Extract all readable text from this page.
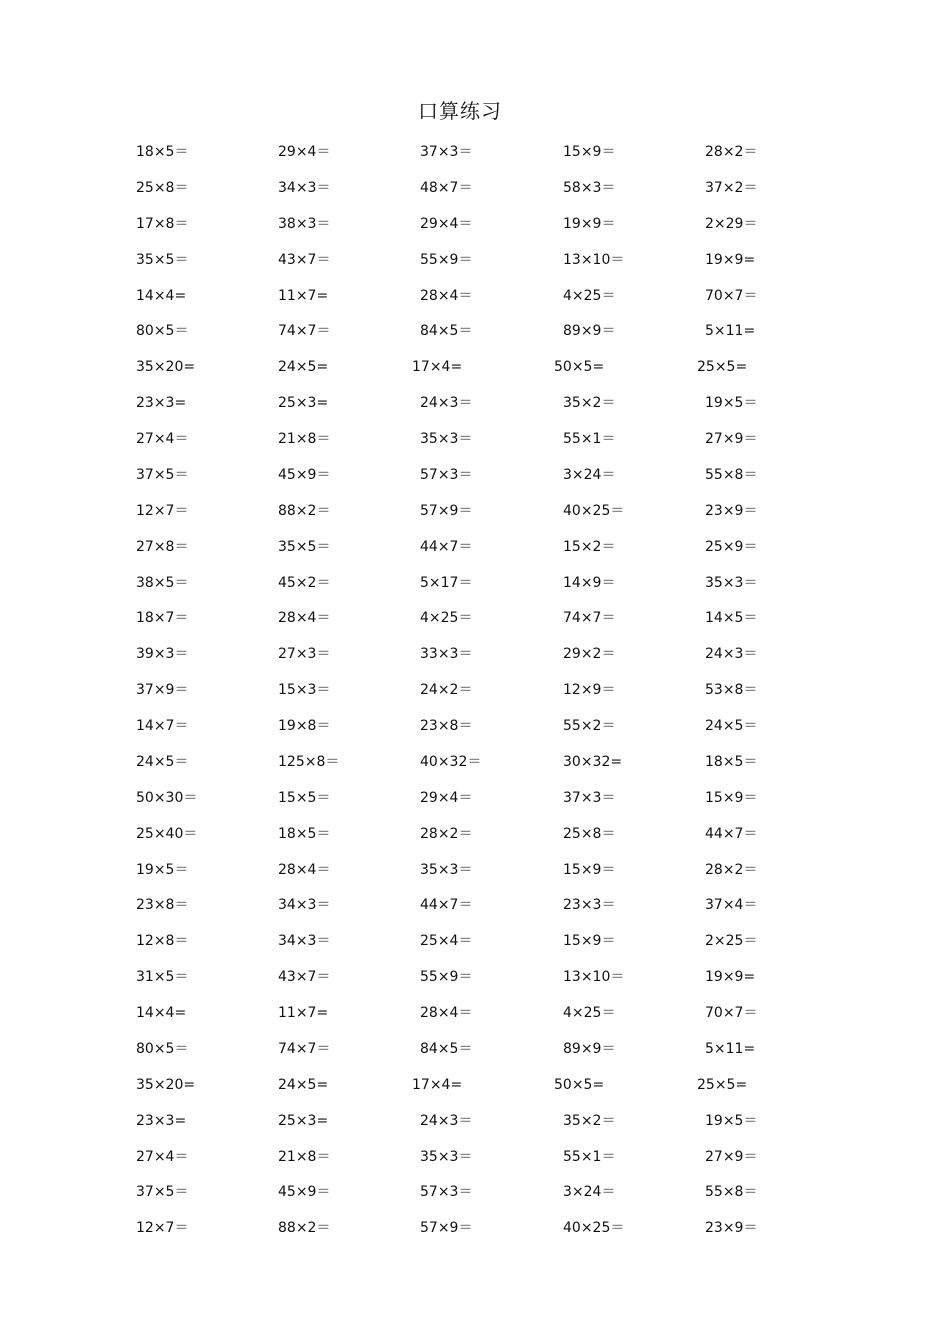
口算练习
18×5＝	29×4＝	37×3＝	15×9＝	28×2＝
25×8＝	34×3＝	48×7＝	58×3＝	37×2＝
17×8＝	38×3＝	29×4＝	19×9＝	2×29＝
35×5＝	43×7＝	55×9＝	13×10＝	19×9=
14×4=	11×7=	28×4＝	4×25＝	70×7＝
80×5＝	74×7＝	84×5＝	89×9＝	5×11=
35×20=	24×5=	17×4=	50×5=	25×5=
23×3=	25×3=	24×3＝	35×2＝	19×5＝
27×4＝	21×8＝	35×3＝	55×1＝	27×9＝
37×5＝	45×9＝	57×3＝	3×24＝	55×8＝
12×7＝	88×2＝	57×9＝	40×25＝	23×9＝
27×8＝	35×5＝	44×7＝	15×2＝	25×9＝
38×5＝	45×2＝	5×17＝	14×9＝	35×3＝
18×7＝	28×4＝	4×25＝	74×7＝	14×5＝
39×3＝	27×3＝	33×3＝	29×2＝	24×3＝
37×9＝	15×3＝	24×2＝	12×9＝	53×8＝
14×7＝	19×8＝	23×8＝	55×2＝	24×5＝
24×5＝	125×8＝	40×32＝	30×32=	18×5＝
50×30＝	15×5＝	29×4＝	37×3＝	15×9＝
25×40＝	18×5＝	28×2＝	25×8＝	44×7＝
19×5＝	28×4＝	35×3＝	15×9＝	28×2＝
23×8＝	34×3＝	44×7＝	23×3＝	37×4＝
12×8＝	34×3＝	25×4＝	15×9＝	2×25＝
31×5＝	43×7＝	55×9＝	13×10＝	19×9=
14×4=	11×7=	28×4＝	4×25＝	70×7＝
80×5＝	74×7＝	84×5＝	89×9＝	5×11=
35×20=	24×5=	17×4=	50×5=	25×5=
23×3=	25×3=	24×3＝	35×2＝	19×5＝
27×4＝	21×8＝	35×3＝	55×1＝	27×9＝
37×5＝	45×9＝	57×3＝	3×24＝	55×8＝
12×7＝	88×2＝	57×9＝	40×25＝	23×9＝
